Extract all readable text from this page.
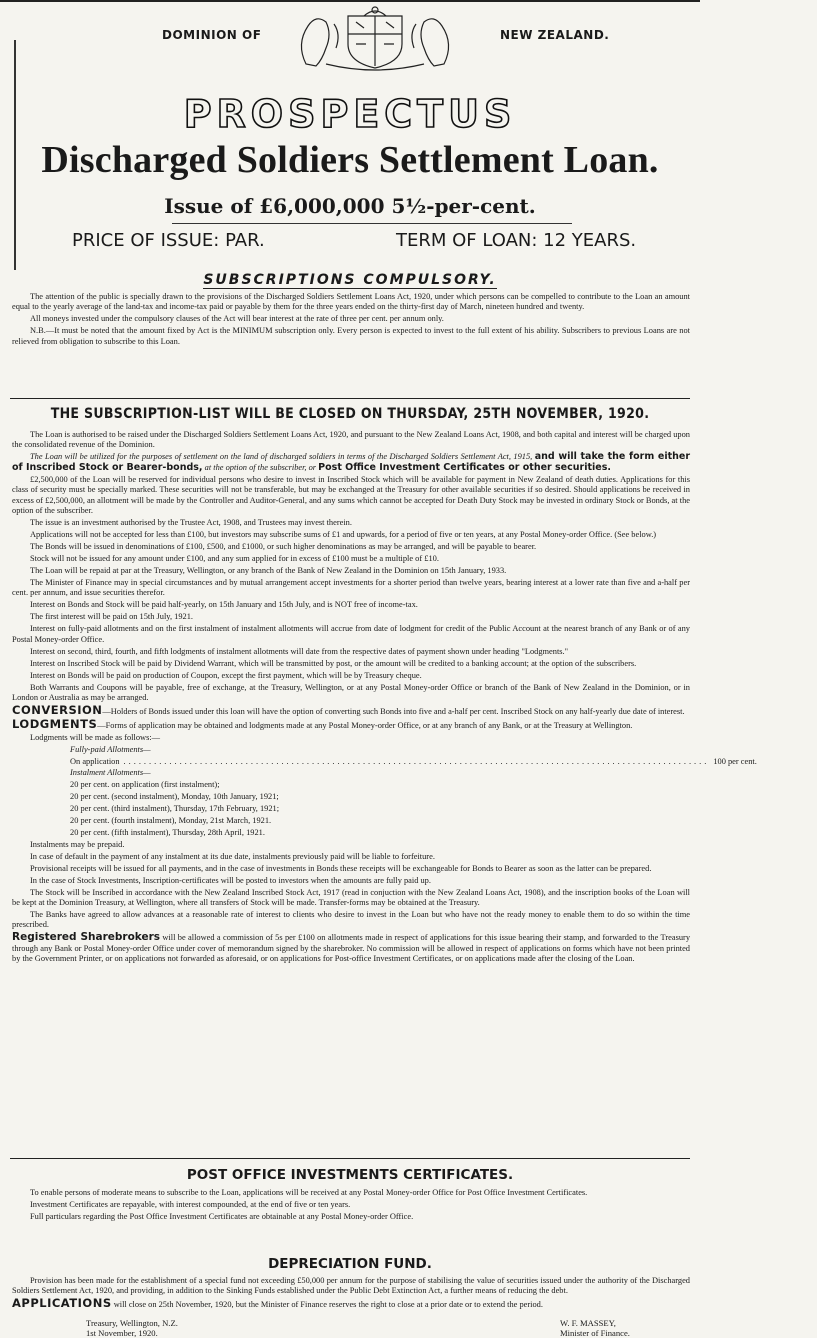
DOMINION OF	NEW ZEALAND.
PROSPECTUS
Discharged Soldiers Settlement Loan.
Issue of £6,000,000 5½-per-cent.
PRICE OF ISSUE: PAR.	TERM OF LOAN: 12 YEARS.
SUBSCRIPTIONS COMPULSORY.

The attention of the public is specially drawn to the provisions of the Discharged Soldiers Settlement Loans Act, 1920, under which persons can be compelled to contribute to the Loan an amount equal to the yearly average of the land-tax and income-tax paid or payable by them for the three years ended on the thirty-first day of March, nineteen hundred and twenty.

All moneys invested under the compulsory clauses of the Act will bear interest at the rate of three per cent. per annum only.

N.B.—It must be noted that the amount fixed by Act is the MINIMUM subscription only. Every person is expected to invest to the full extent of his ability. Subscribers to previous Loans are not relieved from obligation to subscribe to this Loan.

THE SUBSCRIPTION-LIST WILL BE CLOSED ON THURSDAY, 25TH NOVEMBER, 1920.

The Loan is authorised to be raised under the Discharged Soldiers Settlement Loans Act, 1920, and pursuant to the New Zealand Loans Act, 1908, and both capital and interest will be charged upon the consolidated revenue of the Dominion.

The Loan will be utilized for the purposes of settlement on the land of discharged soldiers in terms of the Discharged Soldiers Settlement Act, 1915, and will take the form either of Inscribed Stock or Bearer-bonds, at the option of the subscriber, or Post Office Investment Certificates or other securities.

£2,500,000 of the Loan will be reserved for individual persons who desire to invest in Inscribed Stock which will be available for payment in New Zealand of death duties. Applications for this class of security must be specially marked. These securities will not be transferable, but may be exchanged at the Treasury for other available securities if so desired. Should applications be received in excess of £2,500,000, an allotment will be made by the Controller and Auditor-General, and any sums which cannot be accepted for Death Duty Stock may be invested in ordinary Stock or Bonds, at the option of the subscriber.

The issue is an investment authorised by the Trustee Act, 1908, and Trustees may invest therein.

Applications will not be accepted for less than £100, but investors may subscribe sums of £1 and upwards, for a period of five or ten years, at any Postal Money-order Office. (See below.)

The Bonds will be issued in denominations of £100, £500, and £1000, or such higher denominations as may be arranged, and will be payable to bearer.

Stock will not be issued for any amount under £100, and any sum applied for in excess of £100 must be a multiple of £10.

The Loan will be repaid at par at the Treasury, Wellington, or any branch of the Bank of New Zealand in the Dominion on 15th January, 1933.

The Minister of Finance may in special circumstances and by mutual arrangement accept investments for a shorter period than twelve years, bearing interest at a lower rate than five and a-half per cent. per annum, and issue securities therefor.

Interest on Bonds and Stock will be paid half-yearly, on 15th January and 15th July, and is NOT free of income-tax.

The first interest will be paid on 15th July, 1921.

Interest on fully-paid allotments and on the first instalment of instalment allotments will accrue from date of lodgment for credit of the Public Account at the nearest branch of any Bank or of any Postal Money-order Office.

Interest on second, third, fourth, and fifth lodgments of instalment allotments will date from the respective dates of payment shown under heading "Lodgments."

Interest on Inscribed Stock will be paid by Dividend Warrant, which will be transmitted by post, or the amount will be credited to a banking account; at the option of the subscribers.

Interest on Bonds will be paid on production of Coupon, except the first payment, which will be by Treasury cheque.

Both Warrants and Coupons will be payable, free of exchange, at the Treasury, Wellington, or at any Postal Money-order Office or branch of the Bank of New Zealand in the Dominion, or in London or Australia as may be arranged.

CONVERSION—Holders of Bonds issued under this loan will have the option of converting such Bonds into five and a-half per cent. Inscribed Stock on any half-yearly due date of interest.

LODGMENTS—Forms of application may be obtained and lodgments made at any Postal Money-order Office, or at any branch of any Bank, or at the Treasury at Wellington.

Lodgments will be made as follows:—

Fully-paid Allotments—

On application ................................................................................................................... 100 per cent.

Instalment Allotments—

20 per cent. on application (first instalment);

20 per cent. (second instalment), Monday, 10th January, 1921;

20 per cent. (third instalment), Thursday, 17th February, 1921;

20 per cent. (fourth instalment), Monday, 21st March, 1921.

20 per cent. (fifth instalment), Thursday, 28th April, 1921.

Instalments may be prepaid.

In case of default in the payment of any instalment at its due date, instalments previously paid will be liable to forfeiture.

Provisional receipts will be issued for all payments, and in the case of investments in Bonds these receipts will be exchangeable for Bonds to Bearer as soon as the latter can be prepared.

In the case of Stock Investments, Inscription-certificates will be posted to investors when the amounts are fully paid up.

The Stock will be Inscribed in accordance with the New Zealand Inscribed Stock Act, 1917 (read in conjuction with the New Zealand Loans Act, 1908), and the inscription books of the Loan will be kept at the Dominion Treasury, at Wellington, where all transfers of Stock will be made. Transfer-forms may be obtained at the Treasury.

The Banks have agreed to allow advances at a reasonable rate of interest to clients who desire to invest in the Loan but who have not the ready money to enable them to do so within the time prescribed.

Registered Sharebrokers will be allowed a commission of 5s per £100 on allotments made in respect of applications for this issue bearing their stamp, and forwarded to the Treasury through any Bank or Postal Money-order Office under cover of memorandum signed by the sharebroker. No commission will be allowed in respect of applications on forms which have not been printed by the Government Printer, or on applications not forwarded as aforesaid, or on applications for Post-office Investment Certificates, or on applications made after the closing of the Loan.

POST OFFICE INVESTMENTS CERTIFICATES.

To enable persons of moderate means to subscribe to the Loan, applications will be received at any Postal Money-order Office for Post Office Investment Certificates.

Investment Certificates are repayable, with interest compounded, at the end of five or ten years.

Full particulars regarding the Post Office Investment Certificates are obtainable at any Postal Money-order Office.

DEPRECIATION FUND.

Provision has been made for the establishment of a special fund not exceeding £50,000 per annum for the purpose of stabilising the value of securities issued under the authority of the Discharged Soldiers Settlement Act, 1920, and providing, in addition to the Sinking Funds established under the Public Debt Extinction Act, a further means of reducing the debt.

APPLICATIONS will close on 25th November, 1920, but the Minister of Finance reserves the right to close at a prior date or to extend the period.

Treasury, Wellington, N.Z.
1st November, 1920.
W. F. MASSEY,
Minister of Finance.
